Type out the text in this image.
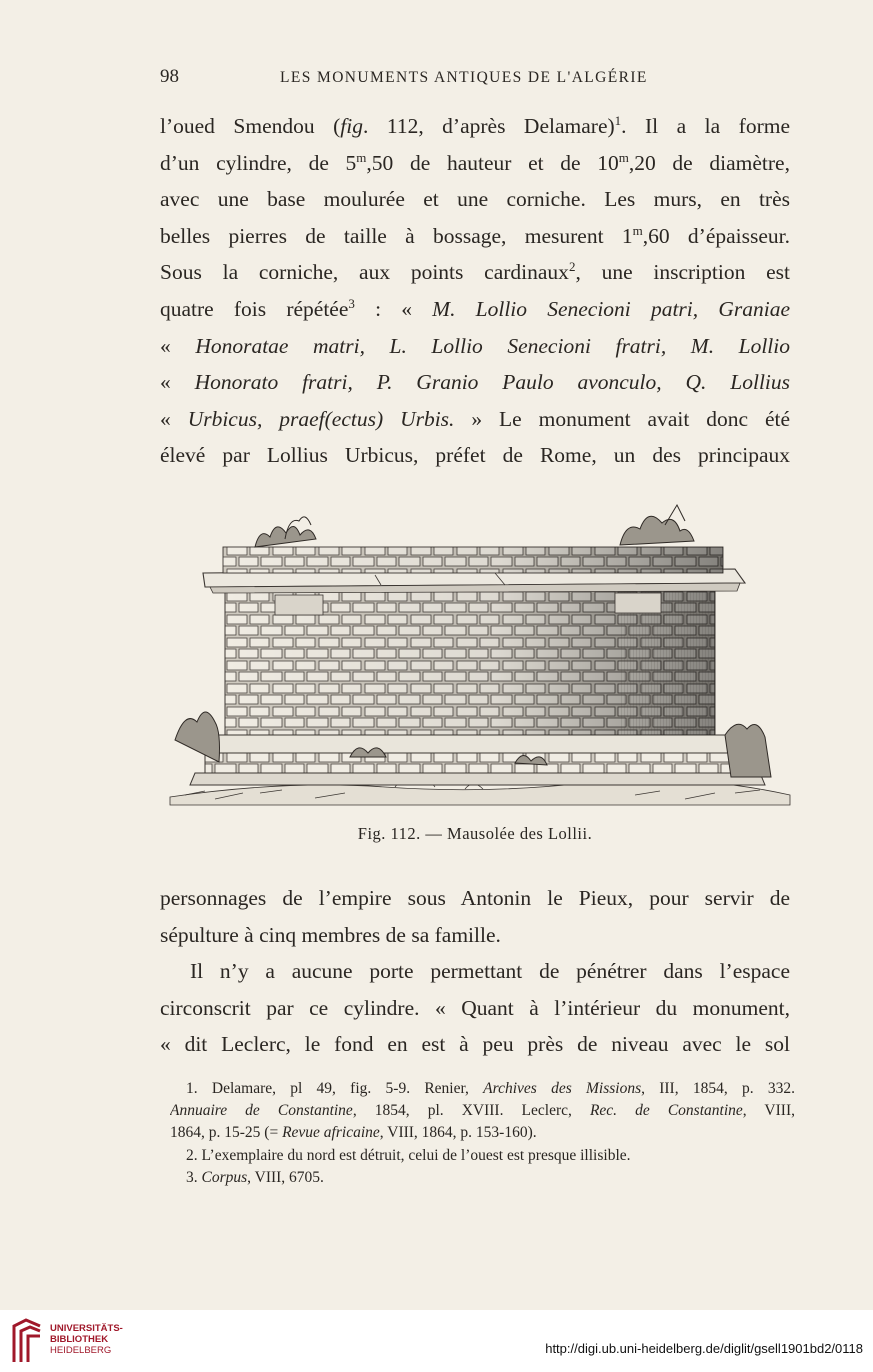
98	LES MONUMENTS ANTIQUES DE L'ALGÉRIE
l’oued Smendou (fig. 112, d’après Delamare)$^1$. Il a la forme
d’un cylindre, de 5$^m$,50 de hauteur et de 10$^m$,20 de diamètre,
avec une base moulurée et une corniche. Les murs, en très
belles pierres de taille à bossage, mesurent 1$^m$,60 d’épaisseur.
Sous la corniche, aux points cardinaux$^2$, une inscription est
quatre fois répétée$^3$ : « M. Lollio Senecioni patri, Graniae
« Honoratae matri, L. Lollio Senecioni fratri, M. Lollio
« Honorato fratri, P. Granio Paulo avonculo, Q. Lollius
« Urbicus, praef(ectus) Urbis. » Le monument avait donc été
élevé par Lollius Urbicus, préfet de Rome, un des principaux
Fig. 112. — Mausolée des Lollii.
personnages de l’empire sous Antonin le Pieux, pour servir de
sépulture à cinq membres de sa famille.
Il n’y a aucune porte permettant de pénétrer dans l’espace
circonscrit par ce cylindre. « Quant à l’intérieur du monument,
« dit Leclerc, le fond en est à peu près de niveau avec le sol
1. Delamare, pl 49, fig. 5-9. Renier, Archives des Missions, III, 1854, p. 332.
Annuaire de Constantine, 1854, pl. XVIII. Leclerc, Rec. de Constantine, VIII,
1864, p. 15-25 (= Revue africaine, VIII, 1864, p. 153-160).
2. L’exemplaire du nord est détruit, celui de l’ouest est presque illisible.
3. Corpus, VIII, 6705.
UNIVERSITÄTS-
BIBLIOTHEK
HEIDELBERG	http://digi.ub.uni-heidelberg.de/diglit/gsell1901bd2/0118
